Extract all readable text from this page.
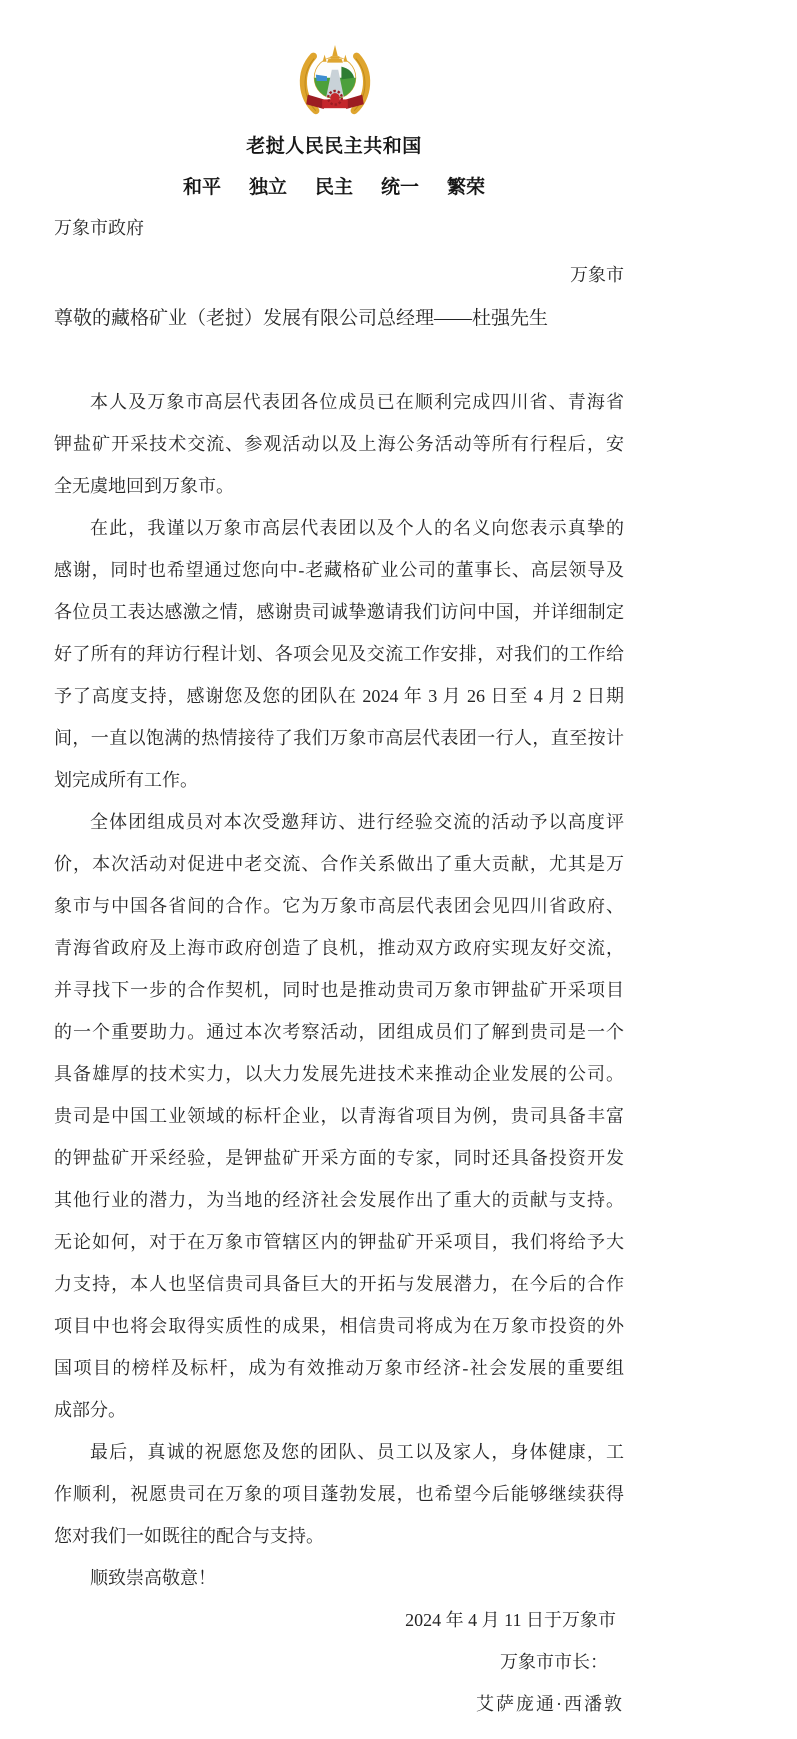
老挝人民民主共和国
和平 独立 民主 统一 繁荣
万象市政府
万象市
尊敬的藏格矿业（老挝）发展有限公司总经理——杜强先生
本人及万象市高层代表团各位成员已在顺利完成四川省、青海省
钾盐矿开采技术交流、参观活动以及上海公务活动等所有行程后，安
全无虞地回到万象市。
在此，我谨以万象市高层代表团以及个人的名义向您表示真挚的
感谢，同时也希望通过您向中-老藏格矿业公司的董事长、高层领导及
各位员工表达感激之情，感谢贵司诚挚邀请我们访问中国，并详细制定
好了所有的拜访行程计划、各项会见及交流工作安排，对我们的工作给
予了高度支持，感谢您及您的团队在 2024 年 3 月 26 日至 4 月 2 日期
间，一直以饱满的热情接待了我们万象市高层代表团一行人，直至按计
划完成所有工作。
全体团组成员对本次受邀拜访、进行经验交流的活动予以高度评
价，本次活动对促进中老交流、合作关系做出了重大贡献，尤其是万
象市与中国各省间的合作。它为万象市高层代表团会见四川省政府、
青海省政府及上海市政府创造了良机，推动双方政府实现友好交流，
并寻找下一步的合作契机，同时也是推动贵司万象市钾盐矿开采项目
的一个重要助力。通过本次考察活动，团组成员们了解到贵司是一个
具备雄厚的技术实力，以大力发展先进技术来推动企业发展的公司。
贵司是中国工业领域的标杆企业，以青海省项目为例，贵司具备丰富
的钾盐矿开采经验，是钾盐矿开采方面的专家，同时还具备投资开发
其他行业的潜力，为当地的经济社会发展作出了重大的贡献与支持。
无论如何，对于在万象市管辖区内的钾盐矿开采项目，我们将给予大
力支持，本人也坚信贵司具备巨大的开拓与发展潜力，在今后的合作
项目中也将会取得实质性的成果，相信贵司将成为在万象市投资的外
国项目的榜样及标杆，成为有效推动万象市经济-社会发展的重要组
成部分。
最后，真诚的祝愿您及您的团队、员工以及家人，身体健康，工
作顺利，祝愿贵司在万象的项目蓬勃发展，也希望今后能够继续获得
您对我们一如既往的配合与支持。
顺致崇高敬意！
2024 年 4 月 11 日于万象市
万象市市长：
艾萨庞通·西潘敦
